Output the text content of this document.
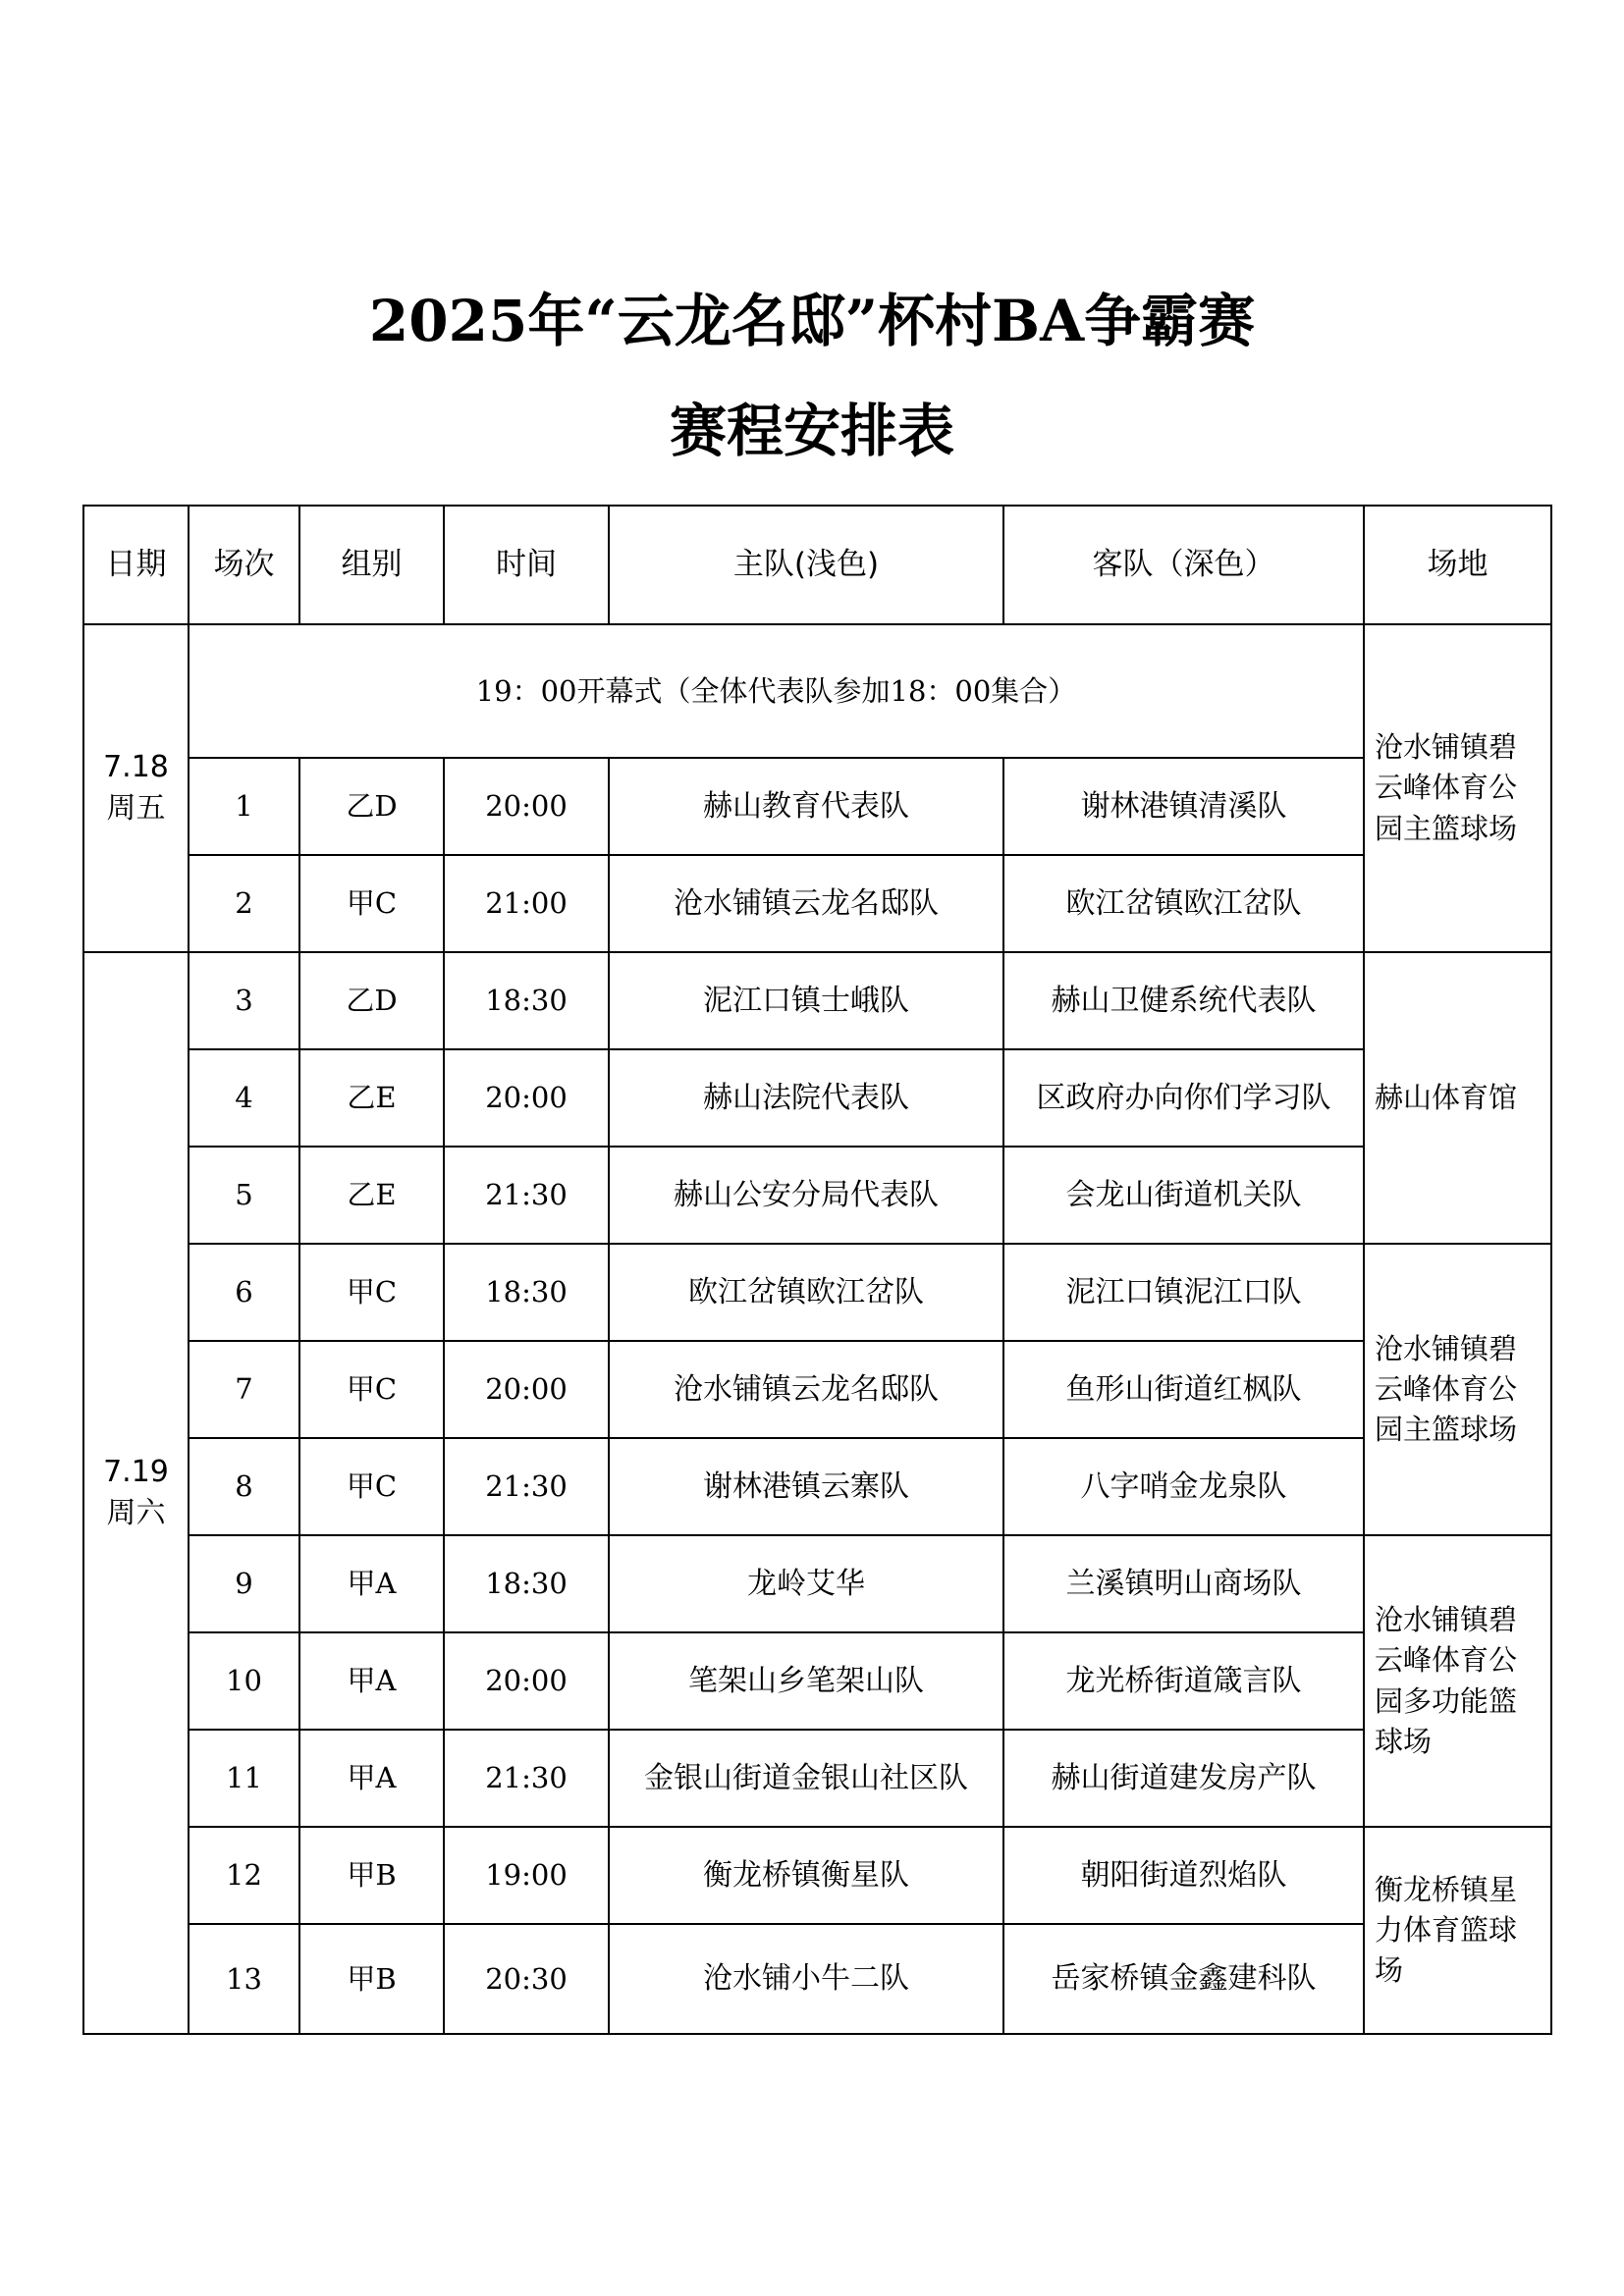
2025年“云龙名邸”杯村BA争霸赛
赛程安排表
日期	场次	组别	时间	主队(浅色)	客队（深色）	场地
7.18
周五	19：00开幕式（全体代表队参加18：00集合）					沧水铺镇碧云峰体育公园主篮球场
	1	乙D	20:00	赫山教育代表队	谢林港镇清溪队	
	2	甲C	21:00	沧水铺镇云龙名邸队	欧江岔镇欧江岔队	
7.19
周六	3	乙D	18:30	泥江口镇士峨队	赫山卫健系统代表队	赫山体育馆
	4	乙E	20:00	赫山法院代表队	区政府办向你们学习队	
	5	乙E	21:30	赫山公安分局代表队	会龙山街道机关队	
	6	甲C	18:30	欧江岔镇欧江岔队	泥江口镇泥江口队	沧水铺镇碧云峰体育公园主篮球场
	7	甲C	20:00	沧水铺镇云龙名邸队	鱼形山街道红枫队	
	8	甲C	21:30	谢林港镇云寨队	八字哨金龙泉队	
	9	甲A	18:30	龙岭艾华	兰溪镇明山商场队	沧水铺镇碧云峰体育公园多功能篮球场
	10	甲A	20:00	笔架山乡笔架山队	龙光桥街道箴言队	
	11	甲A	21:30	金银山街道金银山社区队	赫山街道建发房产队	
	12	甲B	19:00	衡龙桥镇衡星队	朝阳街道烈焰队	衡龙桥镇星力体育篮球场
	13	甲B	20:30	沧水铺小牛二队	岳家桥镇金鑫建科队	
